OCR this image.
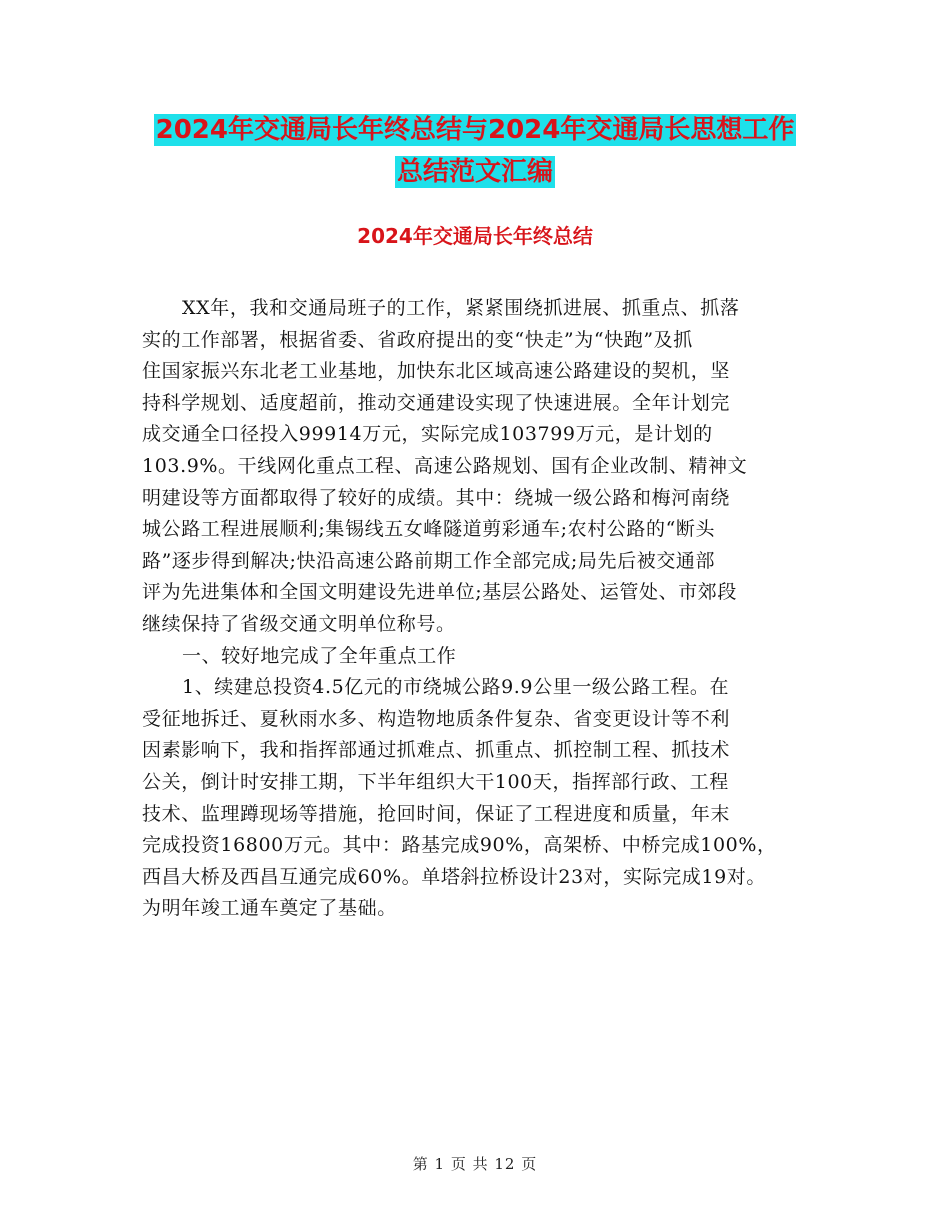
2024年交通局长年终总结与2024年交通局长思想工作
总结范文汇编
2024年交通局长年终总结
XX年，我和交通局班子的工作，紧紧围绕抓进展、抓重点、抓落
实的工作部署，根据省委、省政府提出的变“快走”为“快跑”及抓
住国家振兴东北老工业基地，加快东北区域高速公路建设的契机，坚
持科学规划、适度超前，推动交通建设实现了快速进展。全年计划完
成交通全口径投入99914万元，实际完成103799万元，是计划的
103.9%。干线网化重点工程、高速公路规划、国有企业改制、精神文
明建设等方面都取得了较好的成绩。其中：绕城一级公路和梅河南绕
城公路工程进展顺利;集锡线五女峰隧道剪彩通车;农村公路的“断头
路”逐步得到解决;快沿高速公路前期工作全部完成;局先后被交通部
评为先进集体和全国文明建设先进单位;基层公路处、运管处、市郊段
继续保持了省级交通文明单位称号。
一、较好地完成了全年重点工作
1、续建总投资4.5亿元的市绕城公路9.9公里一级公路工程。在
受征地拆迁、夏秋雨水多、构造物地质条件复杂、省变更设计等不利
因素影响下，我和指挥部通过抓难点、抓重点、抓控制工程、抓技术
公关，倒计时安排工期，下半年组织大干100天，指挥部行政、工程
技术、监理蹲现场等措施，抢回时间，保证了工程进度和质量，年末
完成投资16800万元。其中：路基完成90%，高架桥、中桥完成100%，
西昌大桥及西昌互通完成60%。单塔斜拉桥设计23对，实际完成19对。
为明年竣工通车奠定了基础。
第 1 页 共 12 页
